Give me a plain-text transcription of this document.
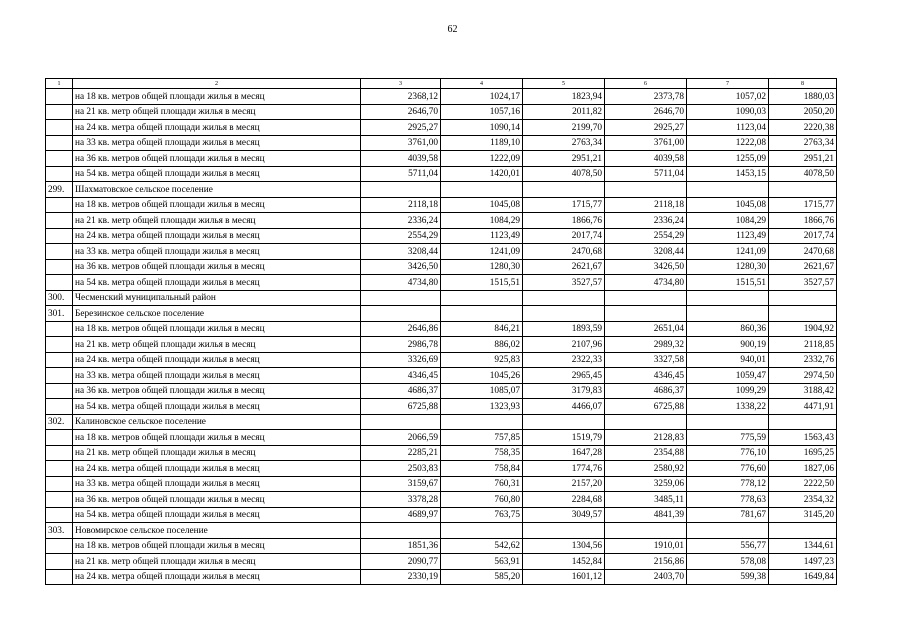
62
1	2	3	4	5	6	7	8
	на 18 кв. метров общей площади жилья в месяц	2368,12	1024,17	1823,94	2373,78	1057,02	1880,03
	на 21 кв. метр общей площади жилья в месяц	2646,70	1057,16	2011,82	2646,70	1090,03	2050,20
	на 24 кв. метра общей площади жилья в месяц	2925,27	1090,14	2199,70	2925,27	1123,04	2220,38
	на 33 кв. метра общей площади жилья в месяц	3761,00	1189,10	2763,34	3761,00	1222,08	2763,34
	на 36 кв. метров общей площади жилья в месяц	4039,58	1222,09	2951,21	4039,58	1255,09	2951,21
	на 54 кв. метра общей площади жилья в месяц	5711,04	1420,01	4078,50	5711,04	1453,15	4078,50
299.	Шахматовское сельское поселение						
	на 18 кв. метров общей площади жилья в месяц	2118,18	1045,08	1715,77	2118,18	1045,08	1715,77
	на 21 кв. метр общей площади жилья в месяц	2336,24	1084,29	1866,76	2336,24	1084,29	1866,76
	на 24 кв. метра общей площади жилья в месяц	2554,29	1123,49	2017,74	2554,29	1123,49	2017,74
	на 33 кв. метра общей площади жилья в месяц	3208,44	1241,09	2470,68	3208,44	1241,09	2470,68
	на 36 кв. метров общей площади жилья в месяц	3426,50	1280,30	2621,67	3426,50	1280,30	2621,67
	на 54 кв. метра общей площади жилья в месяц	4734,80	1515,51	3527,57	4734,80	1515,51	3527,57
300.	Чесменский муниципальный район						
301.	Березинское сельское поселение						
	на 18 кв. метров общей площади жилья в месяц	2646,86	846,21	1893,59	2651,04	860,36	1904,92
	на 21 кв. метр общей площади жилья в месяц	2986,78	886,02	2107,96	2989,32	900,19	2118,85
	на 24 кв. метра общей площади жилья в месяц	3326,69	925,83	2322,33	3327,58	940,01	2332,76
	на 33 кв. метра общей площади жилья в месяц	4346,45	1045,26	2965,45	4346,45	1059,47	2974,50
	на 36 кв. метров общей площади жилья в месяц	4686,37	1085,07	3179,83	4686,37	1099,29	3188,42
	на 54 кв. метра общей площади жилья в месяц	6725,88	1323,93	4466,07	6725,88	1338,22	4471,91
302.	Калиновское сельское поселение						
	на 18 кв. метров общей площади жилья в месяц	2066,59	757,85	1519,79	2128,83	775,59	1563,43
	на 21 кв. метр общей площади жилья в месяц	2285,21	758,35	1647,28	2354,88	776,10	1695,25
	на 24 кв. метра общей площади жилья в месяц	2503,83	758,84	1774,76	2580,92	776,60	1827,06
	на 33 кв. метра общей площади жилья в месяц	3159,67	760,31	2157,20	3259,06	778,12	2222,50
	на 36 кв. метров общей площади жилья в месяц	3378,28	760,80	2284,68	3485,11	778,63	2354,32
	на 54 кв. метра общей площади жилья в месяц	4689,97	763,75	3049,57	4841,39	781,67	3145,20
303.	Новомирское сельское поселение						
	на 18 кв. метров общей площади жилья в месяц	1851,36	542,62	1304,56	1910,01	556,77	1344,61
	на 21 кв. метр общей площади жилья в месяц	2090,77	563,91	1452,84	2156,86	578,08	1497,23
	на 24 кв. метра общей площади жилья в месяц	2330,19	585,20	1601,12	2403,70	599,38	1649,84
